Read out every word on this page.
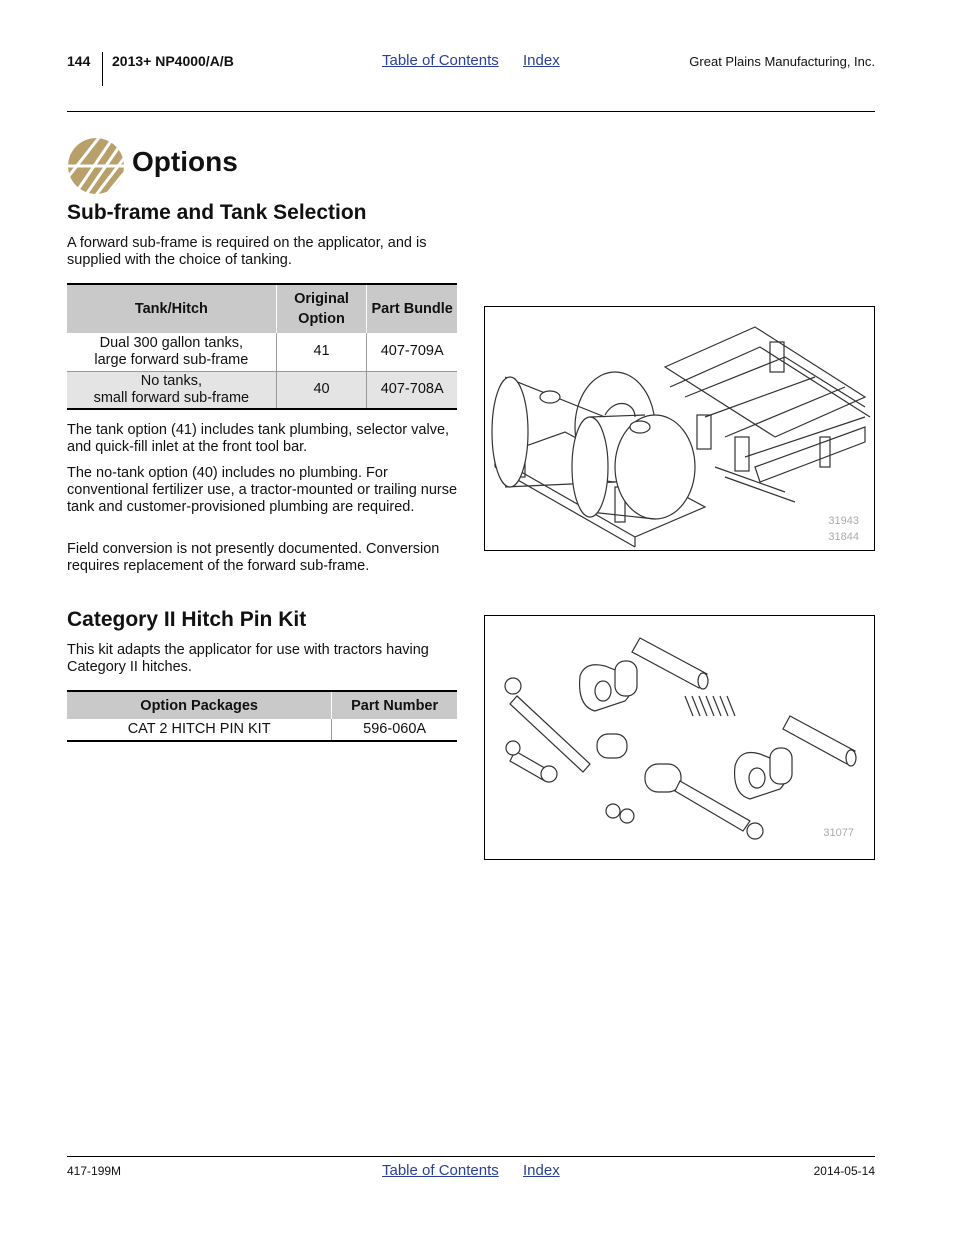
144 2013+ NP4000/A/B	Table of Contents Index	Great Plains Manufacturing, Inc.
Options
Sub-frame and Tank Selection
A forward sub-frame is required on the applicator, and is supplied with the choice of tanking.
Tank/Hitch	Original Option	Part Bundle
Dual 300 gallon tanks,
large forward sub-frame	41	407-709A
No tanks,
small forward sub-frame	40	407-708A
The tank option (41) includes tank plumbing, selector valve, and quick-fill inlet at the front tool bar.
The no-tank option (40) includes no plumbing. For conventional fertilizer use, a tractor-mounted or trailing nurse tank and customer-provisioned plumbing are required.
Field conversion is not presently documented. Conversion requires replacement of the forward sub-frame.
31943
31844
Category II Hitch Pin Kit
This kit adapts the applicator for use with tractors having Category II hitches.
Option Packages	Part Number
CAT 2 HITCH PIN KIT	596-060A
31077
417-199M	Table of Contents Index	2014-05-14
